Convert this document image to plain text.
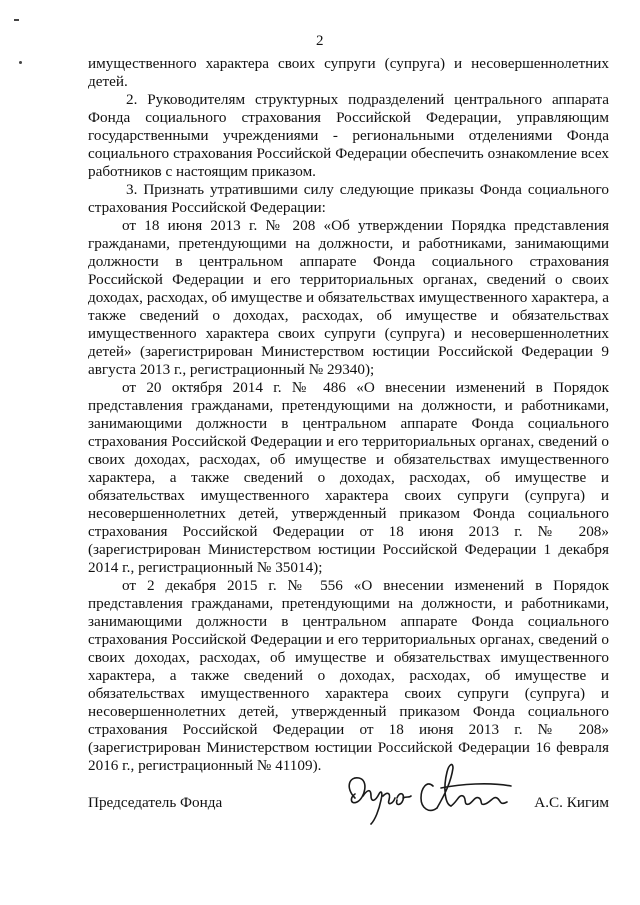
2

имущественного характера своих супруги (супруга) и несовершеннолетних детей.

2. Руководителям структурных подразделений центрального аппарата Фонда социального страхования Российской Федерации, управляющим государственными учреждениями - региональными отделениями Фонда социального страхования Российской Федерации обеспечить ознакомление всех работников с настоящим приказом.

3. Признать утратившими силу следующие приказы Фонда социального страхования Российской Федерации:

от 18 июня 2013 г. № 208 «Об утверждении Порядка представления гражданами, претендующими на должности, и работниками, занимающими должности в центральном аппарате Фонда социального страхования Российской Федерации и его территориальных органах, сведений о своих доходах, расходах, об имуществе и обязательствах имущественного характера, а также сведений о доходах, расходах, об имуществе и обязательствах имущественного характера своих супруги (супруга) и несовершеннолетних детей» (зарегистрирован Министерством юстиции Российской Федерации 9 августа 2013 г., регистрационный № 29340);

от 20 октября 2014 г. № 486 «О внесении изменений в Порядок представления гражданами, претендующими на должности, и работниками, занимающими должности в центральном аппарате Фонда социального страхования Российской Федерации и его территориальных органах, сведений о своих доходах, расходах, об имуществе и обязательствах имущественного характера, а также сведений о доходах, расходах, об имуществе и обязательствах имущественного характера своих супруги (супруга) и несовершеннолетних детей, утвержденный приказом Фонда социального страхования Российской Федерации от 18 июня 2013 г. № 208» (зарегистрирован Министерством юстиции Российской Федерации 1 декабря 2014 г., регистрационный № 35014);

от 2 декабря 2015 г. № 556 «О внесении изменений в Порядок представления гражданами, претендующими на должности, и работниками, занимающими должности в центральном аппарате Фонда социального страхования Российской Федерации и его территориальных органах, сведений о своих доходах, расходах, об имуществе и обязательствах имущественного характера, а также сведений о доходах, расходах, об имуществе и обязательствах имущественного характера своих супруги (супруга) и несовершеннолетних детей, утвержденный приказом Фонда социального страхования Российской Федерации от 18 июня 2013 г. № 208» (зарегистрирован Министерством юстиции Российской Федерации 16 февраля 2016 г., регистрационный № 41109).

Председатель Фонда	А.С. Кигим
